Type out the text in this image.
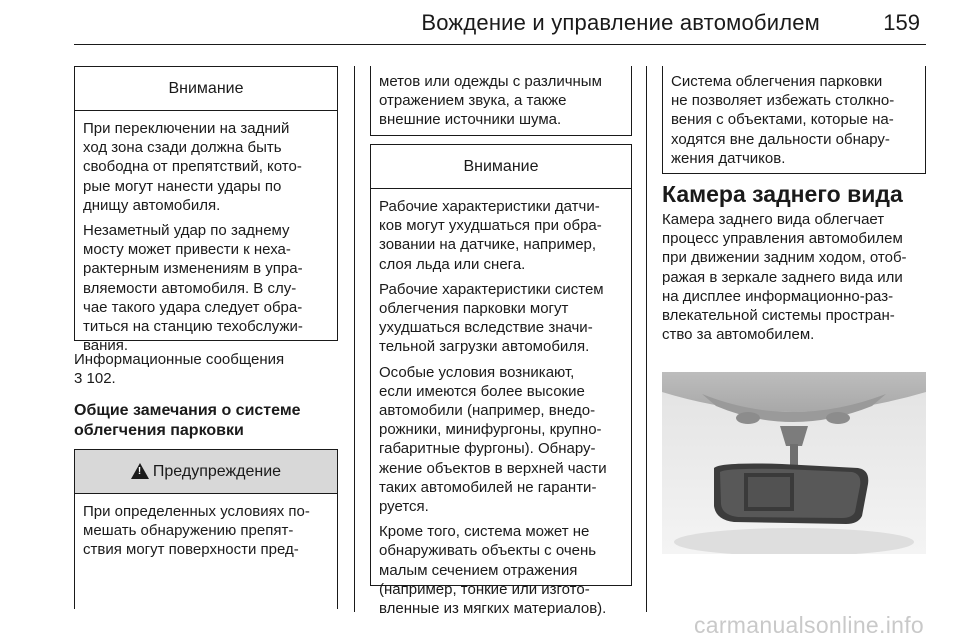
Вождение и управление автомобилем	159
Внимание

При переключении на задний
ход зона сзади должна быть
свободна от препятствий, кото-
рые могут нанести удары по
днищу автомобиля.

Незаметный удар по заднему
мосту может привести к неха-
рактерным изменениям в упра-
вляемости автомобиля. В слу-
чае такого удара следует обра-
титься на станцию техобслужи-
вания.

Информационные сообщения

3 102.
Общие замечания о системе
облегчения парковки
!
Предупреждение

При определенных условиях по-
мешать обнаружению препят-
ствия могут поверхности пред-

метов или одежды с различным
отражением звука, а также
внешние источники шума.

Внимание

Рабочие характеристики датчи-
ков могут ухудшаться при обра-
зовании на датчике, например,
слоя льда или снега.

Рабочие характеристики систем
облегчения парковки могут
ухудшаться вследствие значи-
тельной загрузки автомобиля.

Особые условия возникают,
если имеются более высокие
автомобили (например, внедо-
рожники, минифургоны, крупно-
габаритные фургоны). Обнару-
жение объектов в верхней части
таких автомобилей не гаранти-
руется.

Кроме того, система может не
обнаруживать объекты с очень
малым сечением отражения
(например, тонкие или изгото-
вленные из мягких материалов).

Система облегчения парковки
не позволяет избежать столкно-
вения с объектами, которые на-
ходятся вне дальности обнару-
жения датчиков.

Камера заднего вида

Камера заднего вида облегчает
процесс управления автомобилем
при движении задним ходом, отоб-
ражая в зеркале заднего вида или
на дисплее информационно-раз-
влекательной системы простран-
ство за автомобилем.

carmanualsonline.info
